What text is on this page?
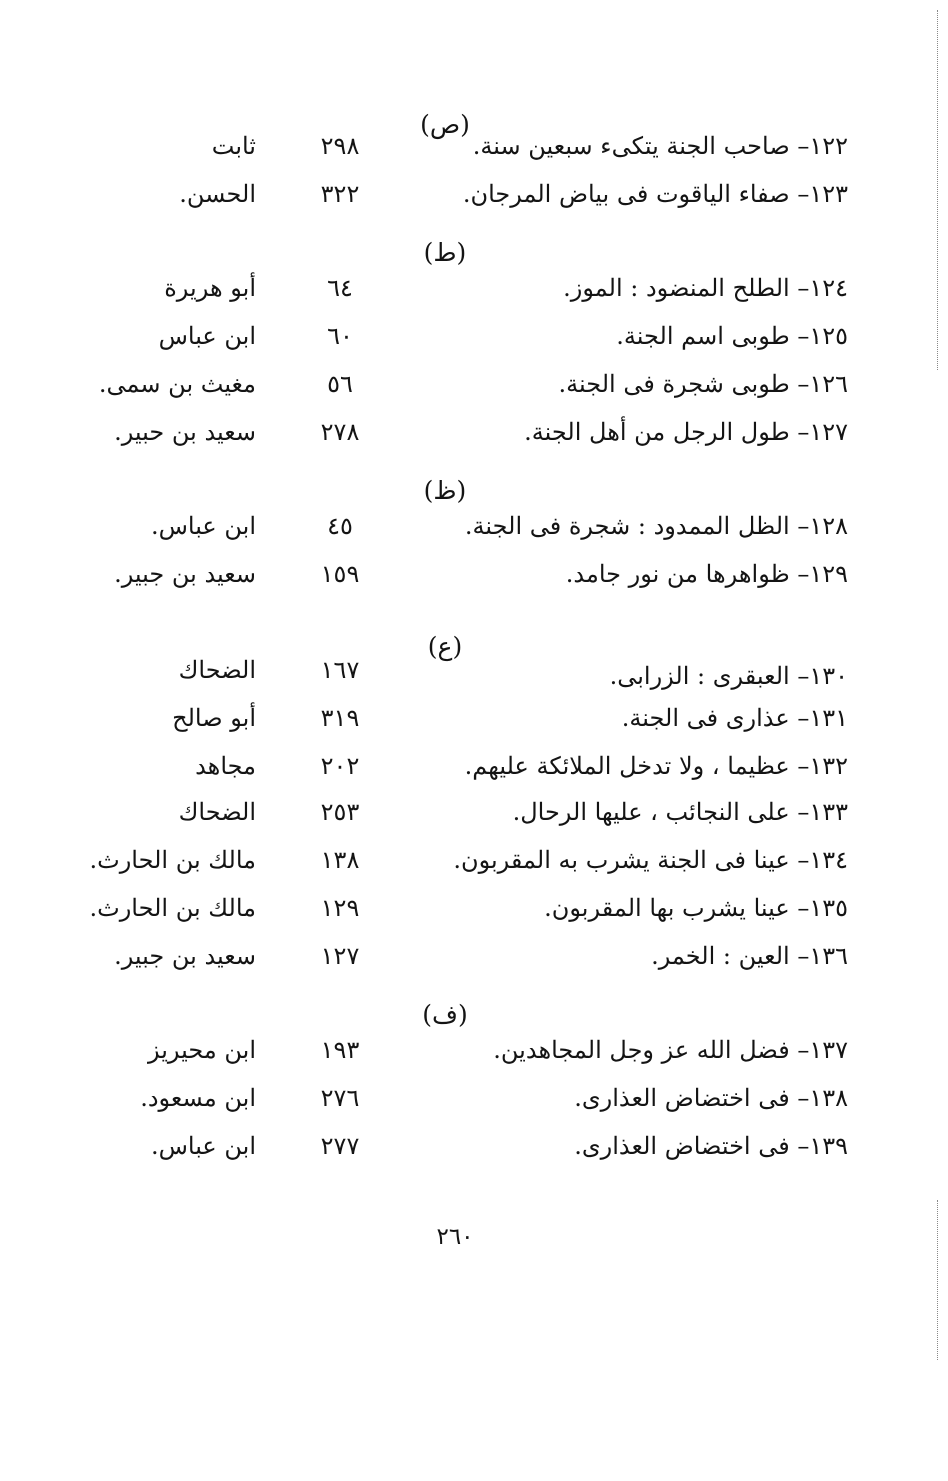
(ص)
١٢٢– صاحب الجنة يتكىء سبعين سنة.
٢٩٨
ثابت
١٢٣– صفاء الياقوت فى بياض المرجان.
٣٢٢
الحسن.
(ط)
١٢٤– الطلح المنضود : الموز.
٦٤
أبو هريرة
١٢٥– طوبى اسم الجنة.
٦٠
ابن عباس
١٢٦– طوبى شجرة فى الجنة.
٥٦
مغيث بن سمى.
١٢٧– طول الرجل من أهل الجنة.
٢٧٨
سعيد بن حبير.
(ظ)
١٢٨– الظل الممدود : شجرة فى الجنة.
٤٥
ابن عباس.
١٢٩– ظواهرها من نور جامد.
١٥٩
سعيد بن جبير.
(ع)
١٣٠– العبقرى : الزرابى.
١٦٧
الضحاك
١٣١– عذارى فى الجنة.
٣١٩
أبو صالح
١٣٢– عظيما ، ولا تدخل الملائكة عليهم.
٢٠٢
مجاهد
١٣٣– على النجائب ، عليها الرحال.
٢٥٣
الضحاك
١٣٤– عينا فى الجنة يشرب به المقربون.
١٣٨
مالك بن الحارث.
١٣٥– عينا يشرب بها المقربون.
١٢٩
مالك بن الحارث.
١٣٦– العين : الخمر.
١٢٧
سعيد بن جبير.
(ف)
١٣٧– فضل الله عز وجل المجاهدين.
١٩٣
ابن محيريز
١٣٨– فى اختضاض العذارى.
٢٧٦
ابن مسعود.
١٣٩– فى اختضاض العذارى.
٢٧٧
ابن عباس.
٢٦٠
